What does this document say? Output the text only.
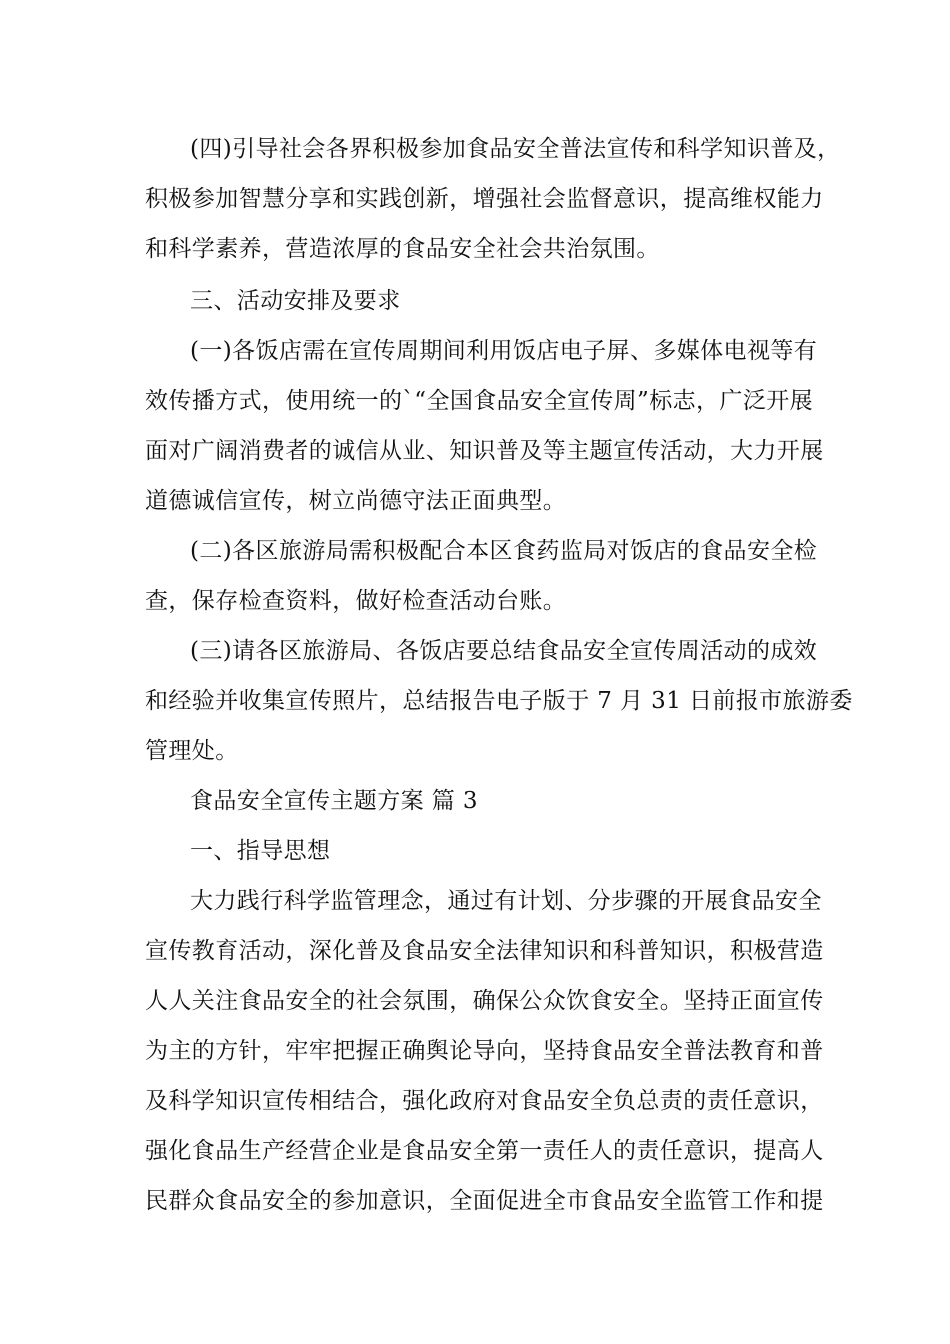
(四)引导社会各界积极参加食品安全普法宣传和科学知识普及，
积极参加智慧分享和实践创新，增强社会监督意识，提高维权能力
和科学素养，营造浓厚的食品安全社会共治氛围。
三、活动安排及要求
(一)各饭店需在宣传周期间利用饭店电子屏、多媒体电视等有
效传播方式，使用统一的`“全国食品安全宣传周”标志，广泛开展
面对广阔消费者的诚信从业、知识普及等主题宣传活动，大力开展
道德诚信宣传，树立尚德守法正面典型。
(二)各区旅游局需积极配合本区食药监局对饭店的食品安全检
查，保存检查资料，做好检查活动台账。
(三)请各区旅游局、各饭店要总结食品安全宣传周活动的成效
和经验并收集宣传照片，总结报告电子版于 7 月 31 日前报市旅游委
管理处。
食品安全宣传主题方案 篇 3
一、指导思想
大力践行科学监管理念，通过有计划、分步骤的开展食品安全
宣传教育活动，深化普及食品安全法律知识和科普知识，积极营造
人人关注食品安全的社会氛围，确保公众饮食安全。坚持正面宣传
为主的方针，牢牢把握正确舆论导向，坚持食品安全普法教育和普
及科学知识宣传相结合，强化政府对食品安全负总责的责任意识，
强化食品生产经营企业是食品安全第一责任人的责任意识，提高人
民群众食品安全的参加意识，全面促进全市食品安全监管工作和提
